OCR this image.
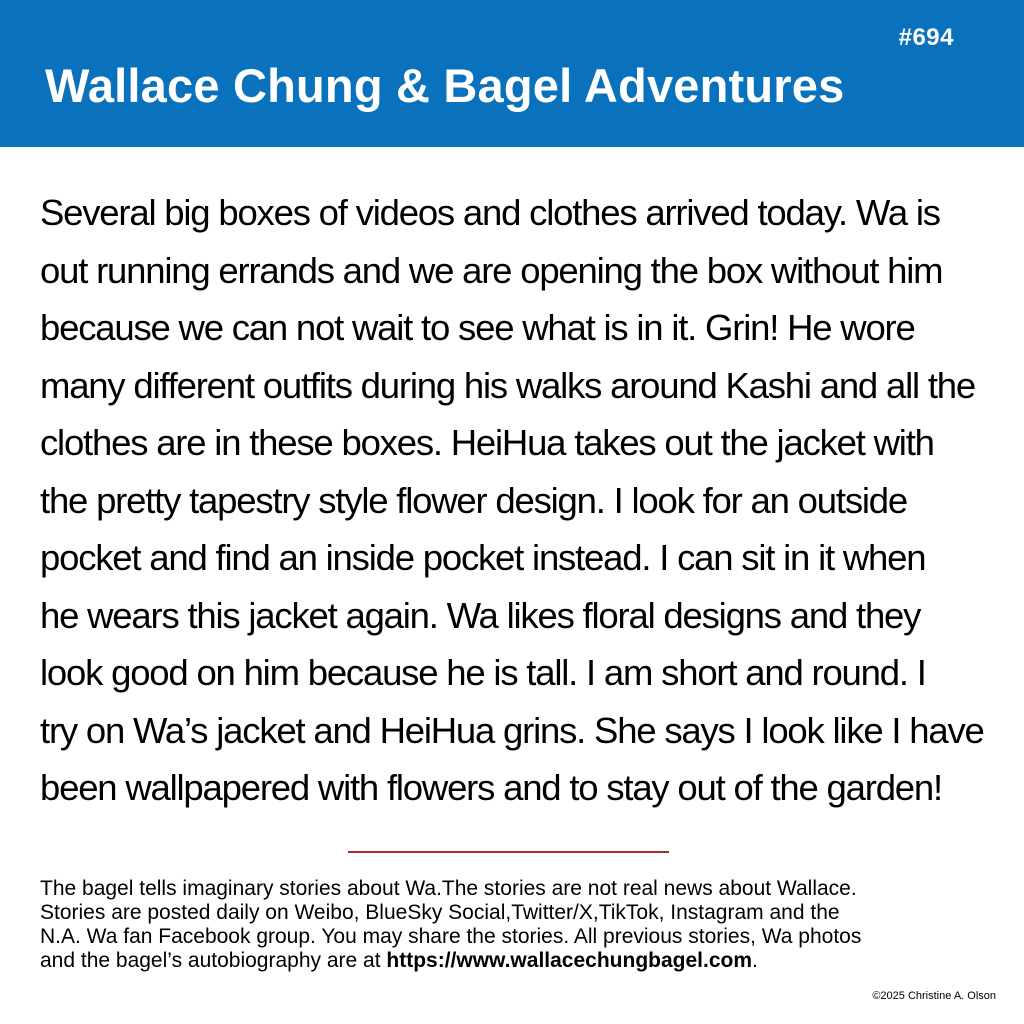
#694
Wallace Chung & Bagel Adventures
Several big boxes of videos and clothes arrived today. Wa is
out running errands and we are opening the box without him
because we can not wait to see what is in it. Grin! He wore
many different outfits during his walks around Kashi and all the
clothes are in these boxes. HeiHua takes out the jacket with
the pretty tapestry style flower design. I look for an outside
pocket and find an inside pocket instead. I can sit in it when
he wears this jacket again. Wa likes floral designs and they
look good on him because he is tall. I am short and round. I
try on Wa’s jacket and HeiHua grins. She says I look like I have
been wallpapered with flowers and to stay out of the garden!
The bagel tells imaginary stories about Wa.The stories are not real news about Wallace.
Stories are posted daily on Weibo, BlueSky Social,Twitter/X,TikTok, Instagram and the
N.A. Wa fan Facebook group. You may share the stories. All previous stories, Wa photos
and the bagel’s autobiography are at https://www.wallacechungbagel.com.
©2025 Christine A. Olson
